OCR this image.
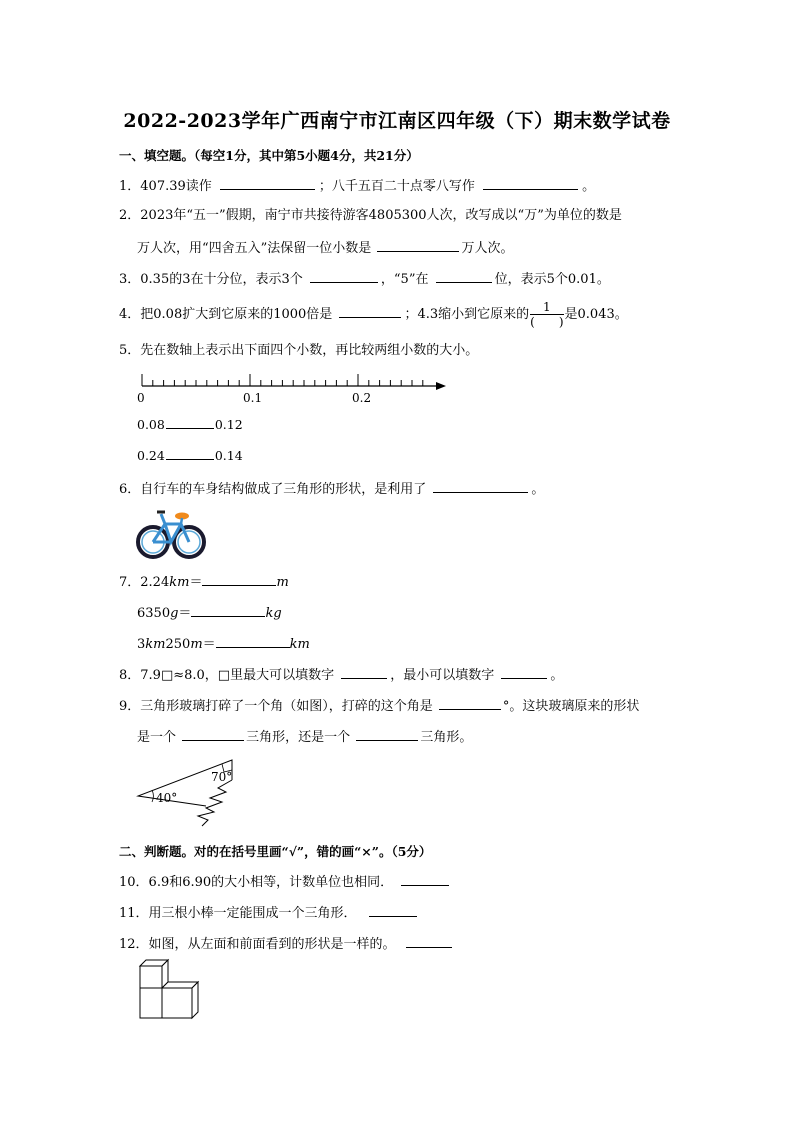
2022-2023学年广西南宁市江南区四年级（下）期末数学试卷
一、填空题。（每空1分，其中第5小题4分，共21分）
1．407.39读作	；八千五百二十点零八写作	。
2．2023年“五一”假期，南宁市共接待游客4805300人次，改写成以“万”为单位的数是
万人次，用“四舍五入”法保留一位小数是	万人次。
3．0.35的3在十分位，表示3个	，“5”在	位，表示5个0.01。
4．把0.08扩大到它原来的1000倍是	；4.3缩小到它原来的 $\frac{1}{( )}$ 是0.043。
5．先在数轴上表示出下面四个小数，再比较两组小数的大小。
0	0.1	0.2
0.08	0.12
0.24	0.14
6．自行车的车身结构做成了三角形的形状，是利用了	。
7．2.24km＝	m
6350g＝	kg
3km250m＝	km
8．7.9□≈8.0，□里最大可以填数字	，最小可以填数字	。
9．三角形玻璃打碎了一个角（如图），打碎的这个角是	°。这块玻璃原来的形状
是一个	三角形，还是一个	三角形。
70°
40°
二、判断题。对的在括号里画“√”，错的画“×”。（5分）
10．6.9和6.90的大小相等，计数单位也相同．
11．用三根小棒一定能围成一个三角形．
12．如图，从左面和前面看到的形状是一样的。
